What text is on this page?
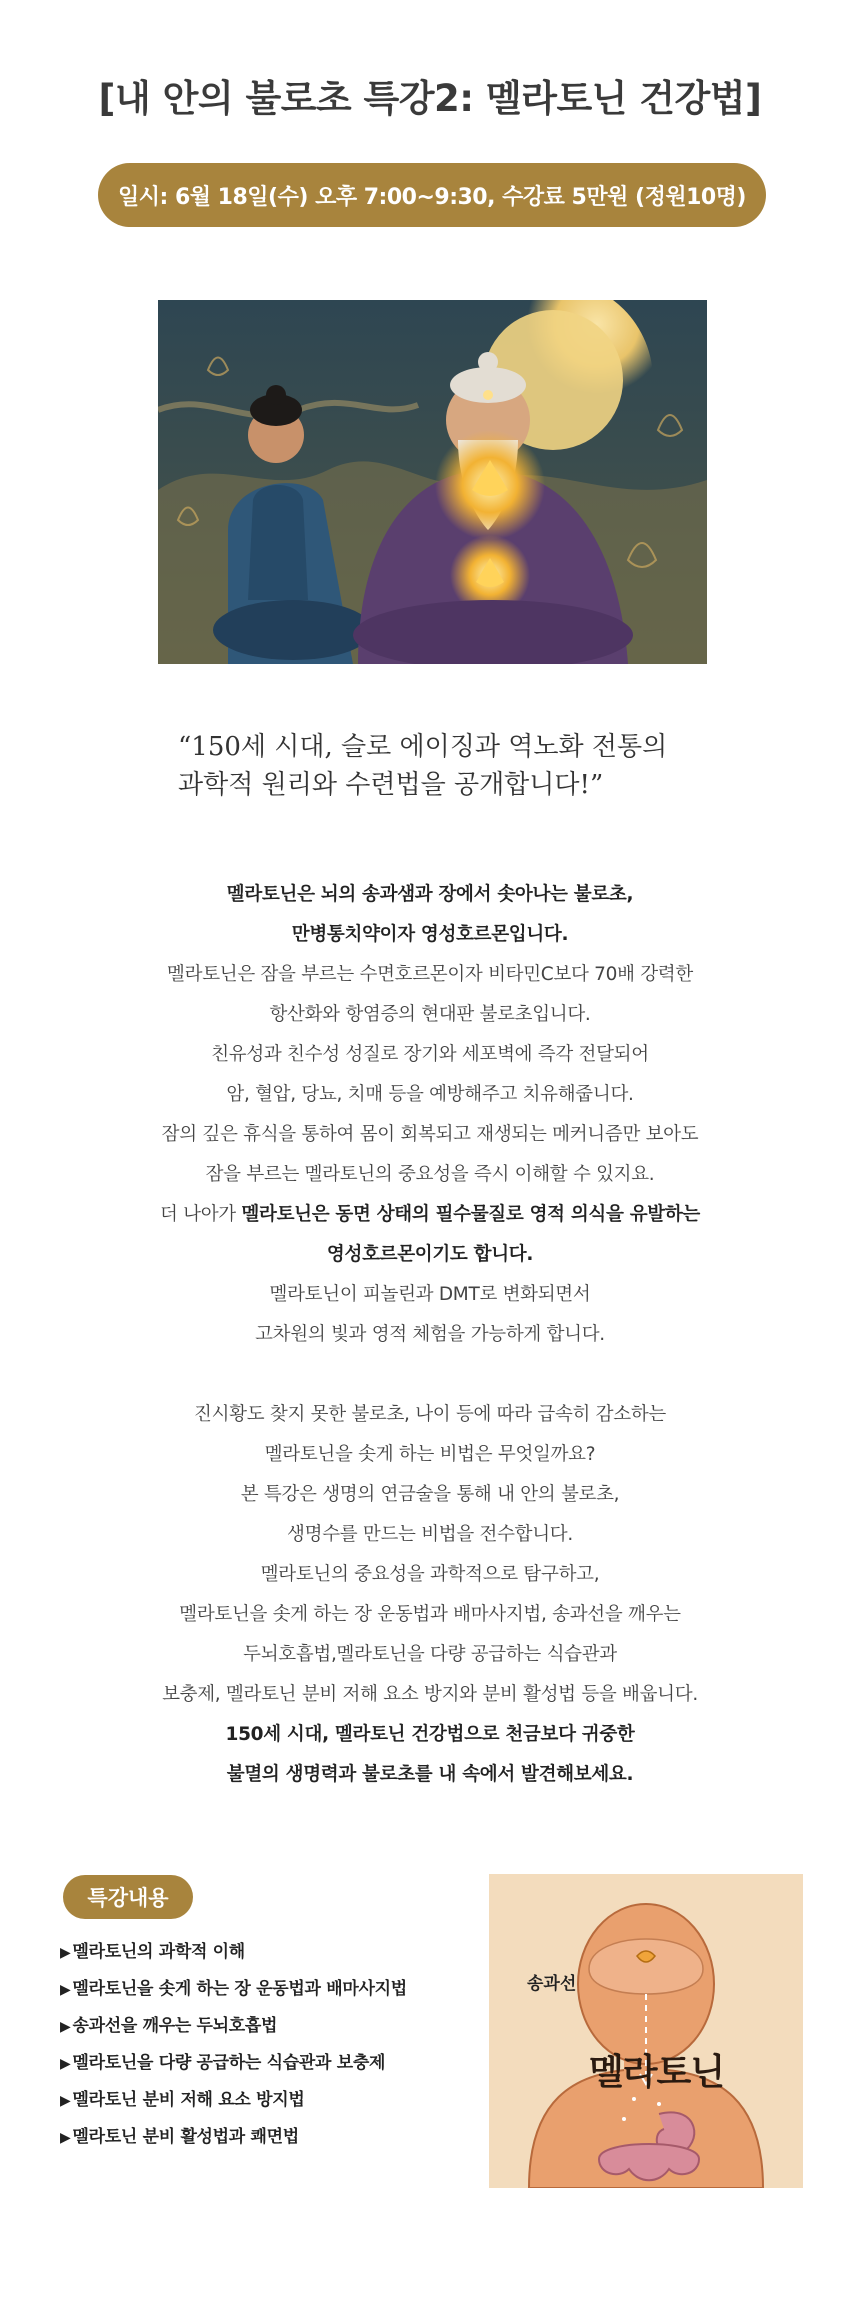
[내 안의 불로초 특강2: 멜라토닌 건강법]
일시: 6월 18일(수) 오후 7:00~9:30, 수강료 5만원 (정원10명)
“150세 시대, 슬로 에이징과 역노화 전통의
과학적 원리와 수련법을 공개합니다!”
멜라토닌은 뇌의 송과샘과 장에서 솟아나는 불로초,
만병통치약이자 영성호르몬입니다.
멜라토닌은 잠을 부르는 수면호르몬이자 비타민C보다 70배 강력한
항산화와 항염증의 현대판 불로초입니다.
친유성과 친수성 성질로 장기와 세포벽에 즉각 전달되어
암, 혈압, 당뇨, 치매 등을 예방해주고 치유해줍니다.
잠의 깊은 휴식을 통하여 몸이 회복되고 재생되는 메커니즘만 보아도
잠을 부르는 멜라토닌의 중요성을 즉시 이해할 수 있지요.
더 나아가 멜라토닌은 동면 상태의 필수물질로 영적 의식을 유발하는
영성호르몬이기도 합니다.
멜라토닌이 피놀린과 DMT로 변화되면서
고차원의 빛과 영적 체험을 가능하게 합니다.
진시황도 찾지 못한 불로초, 나이 등에 따라 급속히 감소하는
멜라토닌을 솟게 하는 비법은 무엇일까요?
본 특강은 생명의 연금술을 통해 내 안의 불로초,
생명수를 만드는 비법을 전수합니다.
멜라토닌의 중요성을 과학적으로 탐구하고,
멜라토닌을 솟게 하는 장 운동법과 배마사지법, 송과선을 깨우는
두뇌호흡법,멜라토닌을 다량 공급하는 식습관과
보충제, 멜라토닌 분비 저해 요소 방지와 분비 활성법 등을 배웁니다.
150세 시대, 멜라토닌 건강법으로 천금보다 귀중한
불멸의 생명력과 불로초를 내 속에서 발견해보세요.
특강내용
▶ 멜라토닌의 과학적 이해
▶ 멜라토닌을 솟게 하는 장 운동법과 배마사지법
▶ 송과선을 깨우는 두뇌호흡법
▶ 멜라토닌을 다량 공급하는 식습관과 보충제
▶ 멜라토닌 분비 저해 요소 방지법
▶ 멜라토닌 분비 활성법과 쾌면법
송과선
멜라토닌
